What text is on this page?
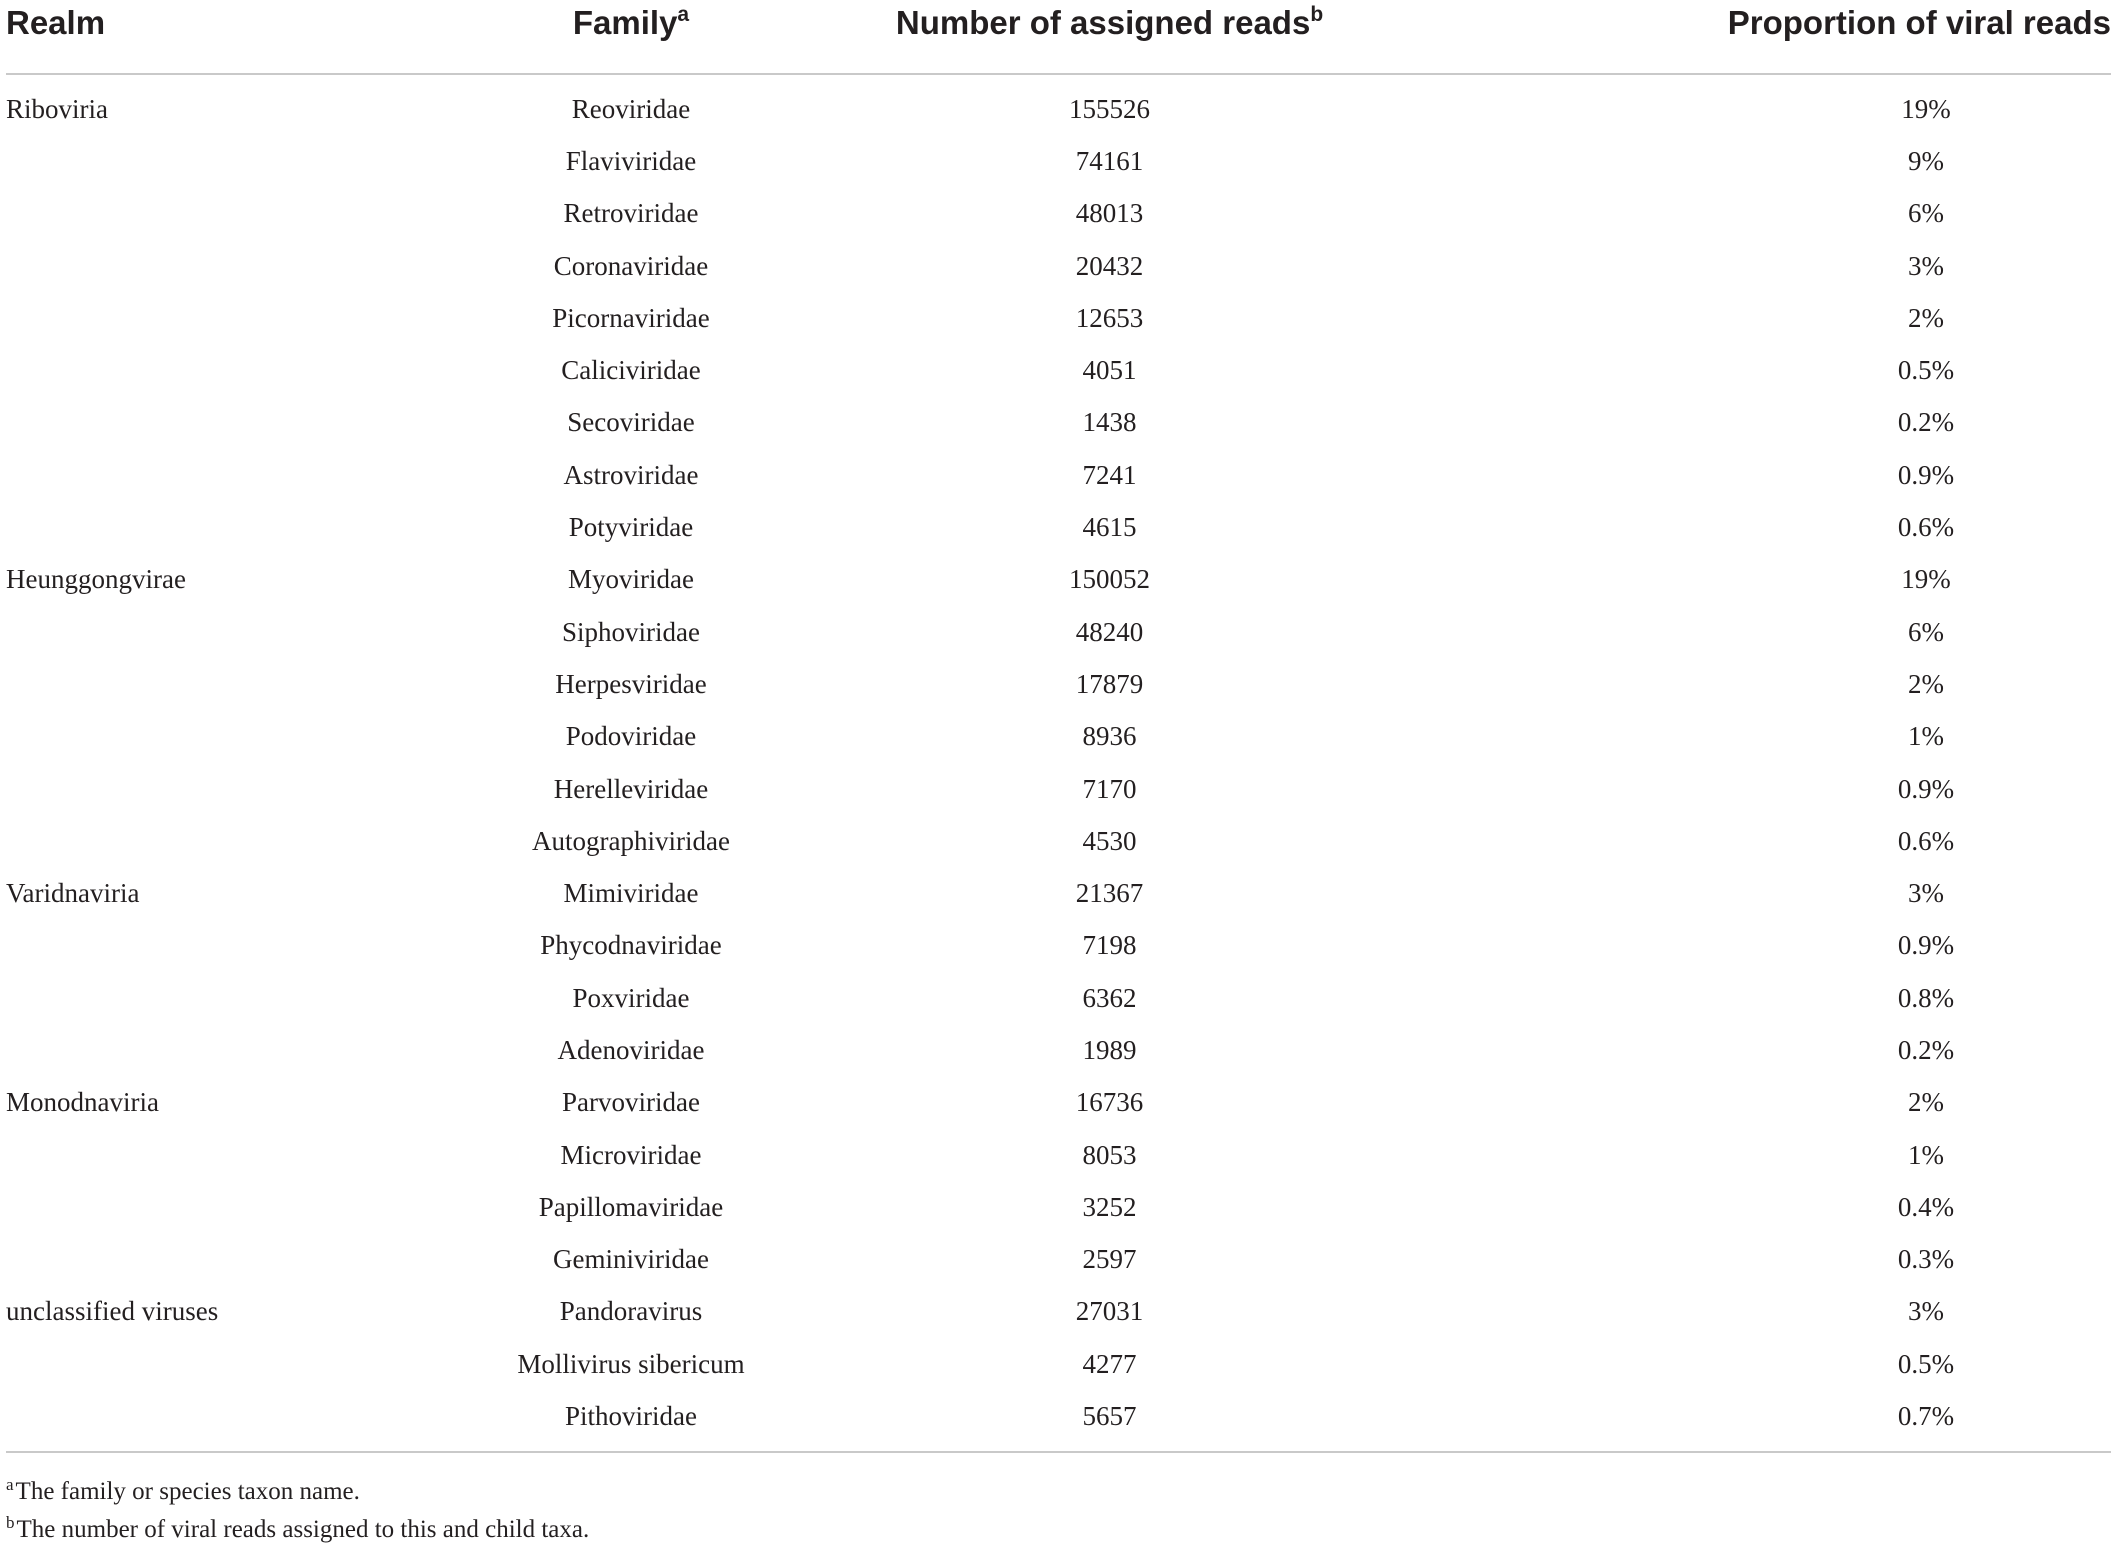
Realm	Family$^a$	Number of assigned reads$^b$	Proportion of viral reads
Riboviria	Reoviridae	155526	19%
	Flaviviridae	74161	9%
	Retroviridae	48013	6%
	Coronaviridae	20432	3%
	Picornaviridae	12653	2%
	Caliciviridae	4051	0.5%
	Secoviridae	1438	0.2%
	Astroviridae	7241	0.9%
	Potyviridae	4615	0.6%
Heunggongvirae	Myoviridae	150052	19%
	Siphoviridae	48240	6%
	Herpesviridae	17879	2%
	Podoviridae	8936	1%
	Herelleviridae	7170	0.9%
	Autographiviridae	4530	0.6%
Varidnaviria	Mimiviridae	21367	3%
	Phycodnaviridae	7198	0.9%
	Poxviridae	6362	0.8%
	Adenoviridae	1989	0.2%
Monodnaviria	Parvoviridae	16736	2%
	Microviridae	8053	1%
	Papillomaviridae	3252	0.4%
	Geminiviridae	2597	0.3%
unclassified viruses	Pandoravirus	27031	3%
	Mollivirus sibericum	4277	0.5%
	Pithoviridae	5657	0.7%
$^a$The family or species taxon name.
$^b$The number of viral reads assigned to this and child taxa.
